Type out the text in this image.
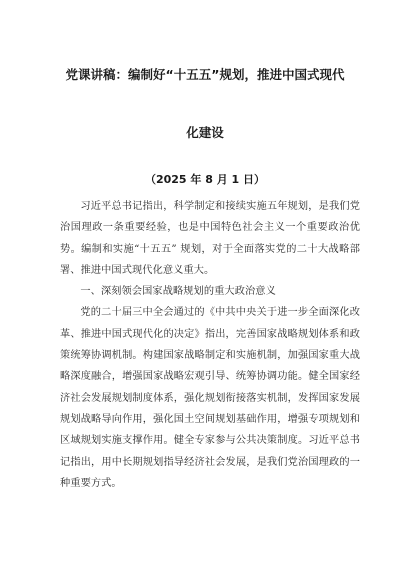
党课讲稿：编制好“十五五”规划，推进中国式现代
化建设
（2025 年 8 月 1 日）

习近平总书记指出，科学制定和接续实施五年规划，是我们党治国理政一条重要经验，也是中国特色社会主义一个重要政治优势。编制和实施“十五五” 规划，对于全面落实党的二十大战略部署、推进中国式现代化意义重大。

一、深刻领会国家战略规划的重大政治意义

党的二十届三中全会通过的《中共中央关于进一步全面深化改革、推进中国式现代化的决定》指出，完善国家战略规划体系和政策统筹协调机制。构建国家战略制定和实施机制，加强国家重大战略深度融合，增强国家战略宏观引导、统筹协调功能。健全国家经济社会发展规划制度体系，强化规划衔接落实机制，发挥国家发展规划战略导向作用，强化国土空间规划基础作用，增强专项规划和区域规划实施支撑作用。健全专家参与公共决策制度。习近平总书记指出，用中长期规划指导经济社会发展，是我们党治国理政的一种重要方式。
